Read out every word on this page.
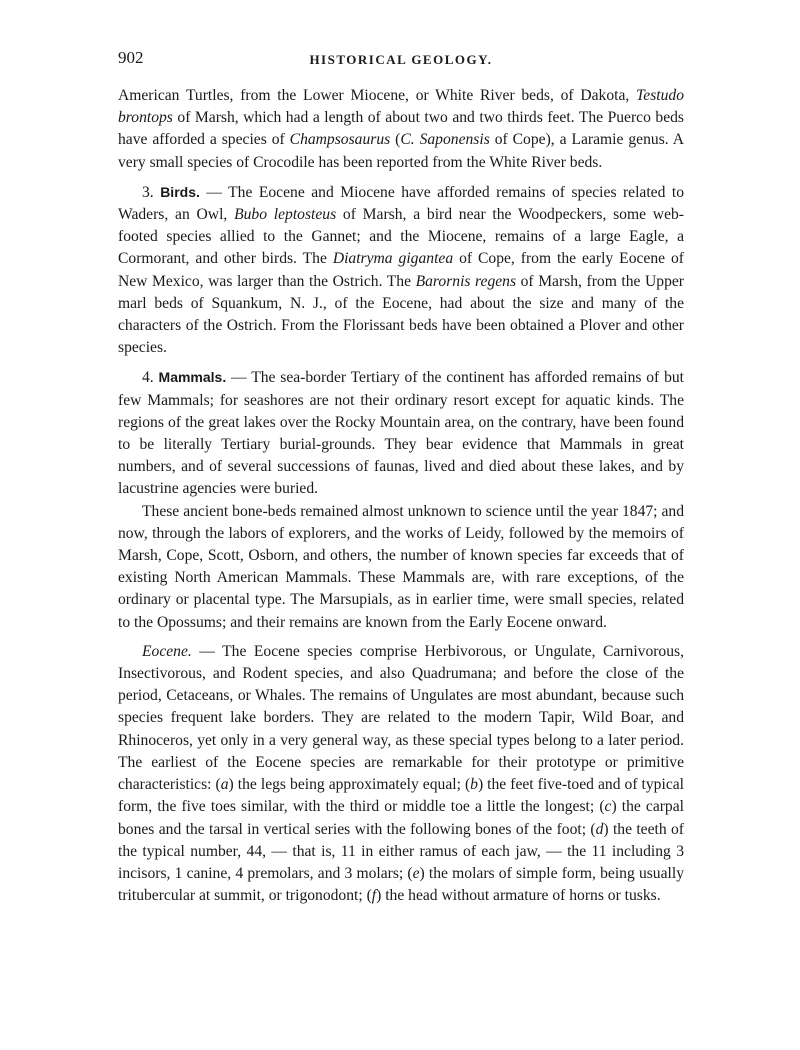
902	HISTORICAL GEOLOGY.

American Turtles, from the Lower Miocene, or White River beds, of Dakota, Testudo brontops of Marsh, which had a length of about two and two thirds feet. The Puerco beds have afforded a species of Champsosaurus (C. Saponensis of Cope), a Laramie genus. A very small species of Crocodile has been reported from the White River beds.

3. Birds. — The Eocene and Miocene have afforded remains of species related to Waders, an Owl, Bubo leptosteus of Marsh, a bird near the Woodpeckers, some web-footed species allied to the Gannet; and the Miocene, remains of a large Eagle, a Cormorant, and other birds. The Diatryma gigantea of Cope, from the early Eocene of New Mexico, was larger than the Ostrich. The Barornis regens of Marsh, from the Upper marl beds of Squankum, N. J., of the Eocene, had about the size and many of the characters of the Ostrich. From the Florissant beds have been obtained a Plover and other species.

4. Mammals. — The sea-border Tertiary of the continent has afforded remains of but few Mammals; for seashores are not their ordinary resort except for aquatic kinds. The regions of the great lakes over the Rocky Mountain area, on the contrary, have been found to be literally Tertiary burial-grounds. They bear evidence that Mammals in great numbers, and of several successions of faunas, lived and died about these lakes, and by lacustrine agencies were buried.

These ancient bone-beds remained almost unknown to science until the year 1847; and now, through the labors of explorers, and the works of Leidy, followed by the memoirs of Marsh, Cope, Scott, Osborn, and others, the number of known species far exceeds that of existing North American Mammals. These Mammals are, with rare exceptions, of the ordinary or placental type. The Marsupials, as in earlier time, were small species, related to the Opossums; and their remains are known from the Early Eocene onward.

Eocene. — The Eocene species comprise Herbivorous, or Ungulate, Carnivorous, Insectivorous, and Rodent species, and also Quadrumana; and before the close of the period, Cetaceans, or Whales. The remains of Ungulates are most abundant, because such species frequent lake borders. They are related to the modern Tapir, Wild Boar, and Rhinoceros, yet only in a very general way, as these special types belong to a later period. The earliest of the Eocene species are remarkable for their prototype or primitive characteristics: (a) the legs being approximately equal; (b) the feet five-toed and of typical form, the five toes similar, with the third or middle toe a little the longest; (c) the carpal bones and the tarsal in vertical series with the following bones of the foot; (d) the teeth of the typical number, 44, — that is, 11 in either ramus of each jaw, — the 11 including 3 incisors, 1 canine, 4 premolars, and 3 molars; (e) the molars of simple form, being usually tritubercular at summit, or trigonodont; (f) the head without armature of horns or tusks.
